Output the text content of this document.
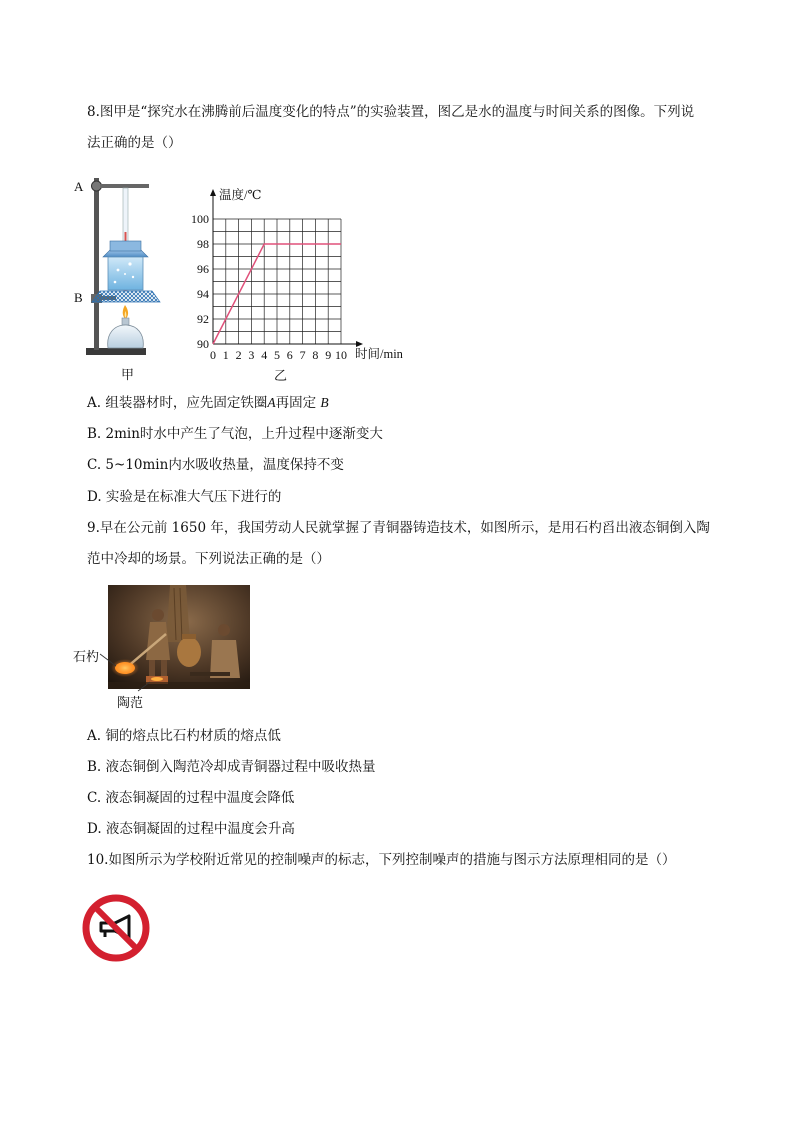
8.图甲是“探究水在沸腾前后温度变化的特点”的实验装置，图乙是水的温度与时间关系的图像。下列说
法正确的是（）
A
B
甲
0 1 2 3 4 5 6 7 8 9 10
90
92
94
96
98
100
温度/℃
时间/min
乙
A. 组装器材时，应先固定铁圈A再固定 B
B. 2min时水中产生了气泡，上升过程中逐渐变大
C. 5~10min内水吸收热量，温度保持不变
D. 实验是在标准大气压下进行的
9.早在公元前 1650 年，我国劳动人民就掌握了青铜器铸造技术，如图所示，是用石杓舀出液态铜倒入陶
范中冷却的场景。下列说法正确的是（）
石杓
陶范
A. 铜的熔点比石杓材质的熔点低
B. 液态铜倒入陶范冷却成青铜器过程中吸收热量
C. 液态铜凝固的过程中温度会降低
D. 液态铜凝固的过程中温度会升高
10.如图所示为学校附近常见的控制噪声的标志，下列控制噪声的措施与图示方法原理相同的是（）
